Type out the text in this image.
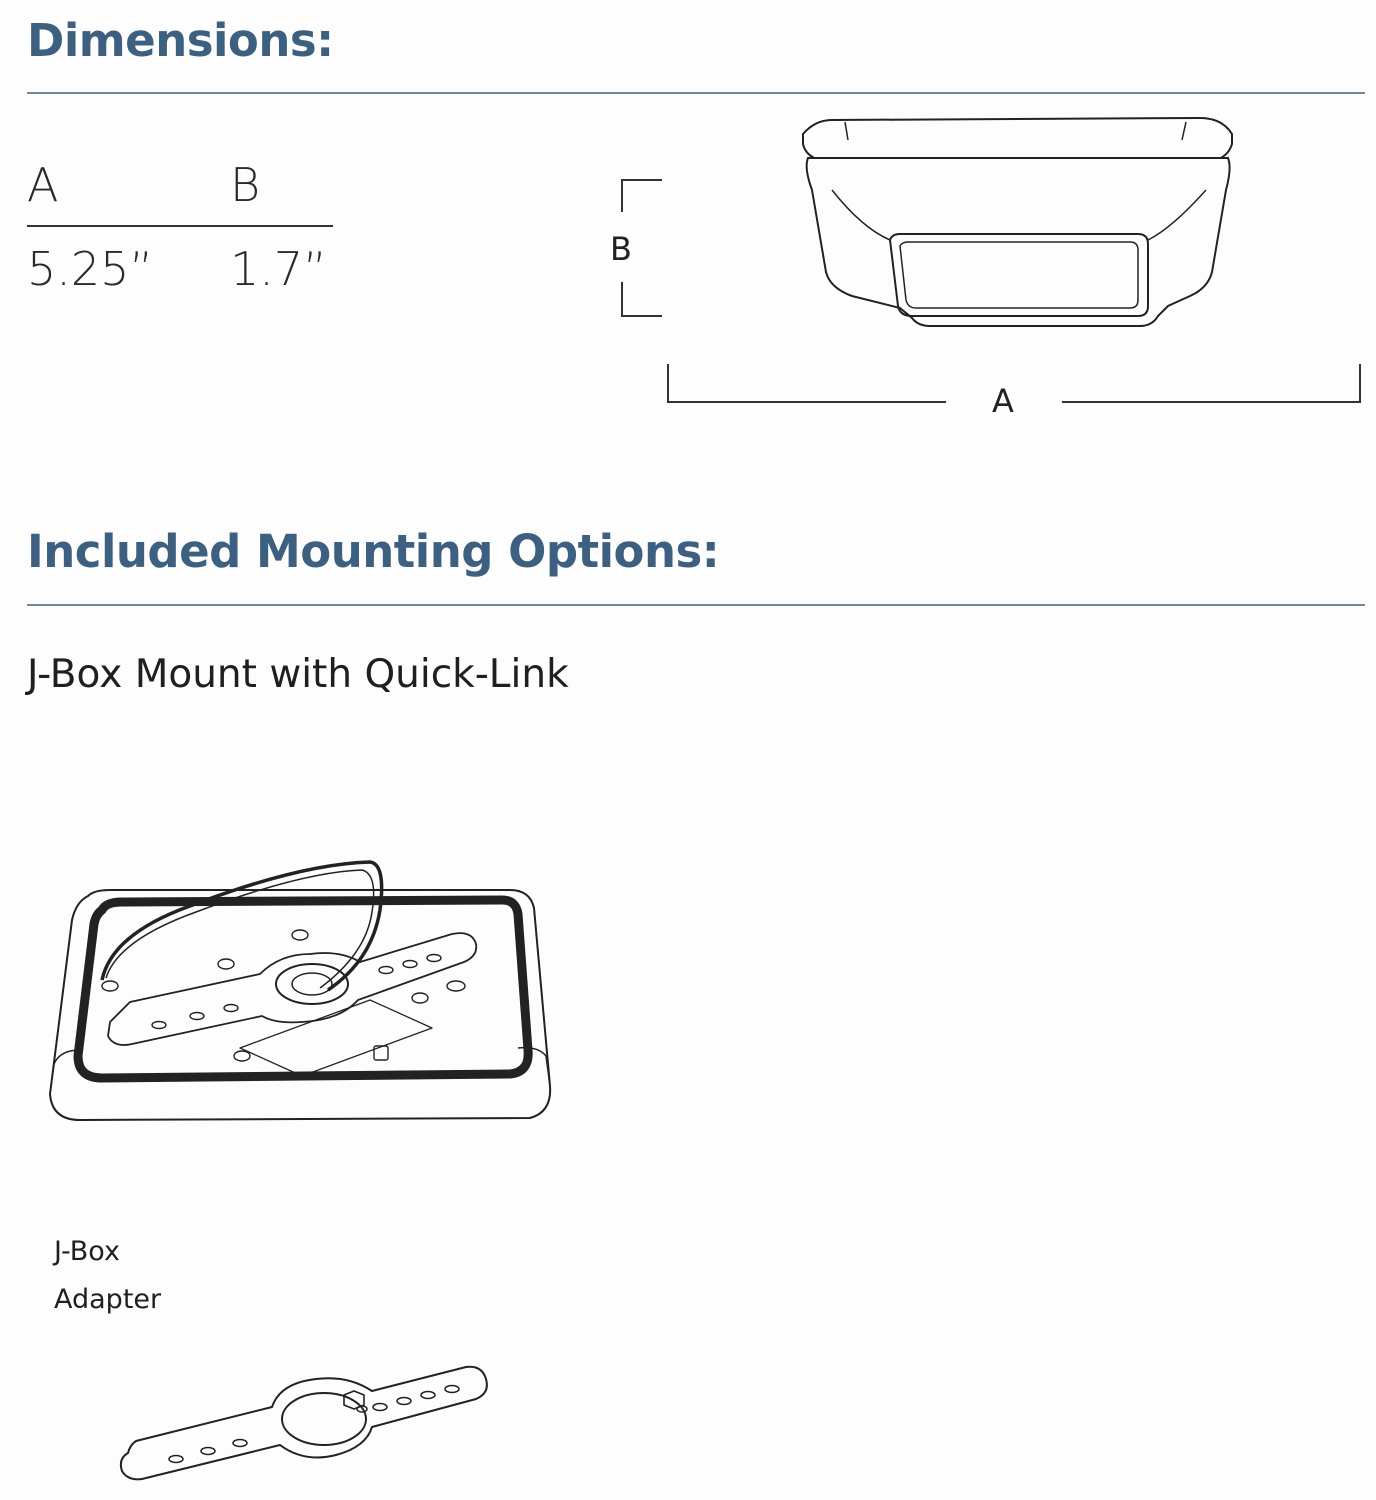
Dimensions:
A	B
5.25” 1.7”	B
A
Included Mounting Options:
J-Box Mount with Quick-Link
J-Box
Adapter
